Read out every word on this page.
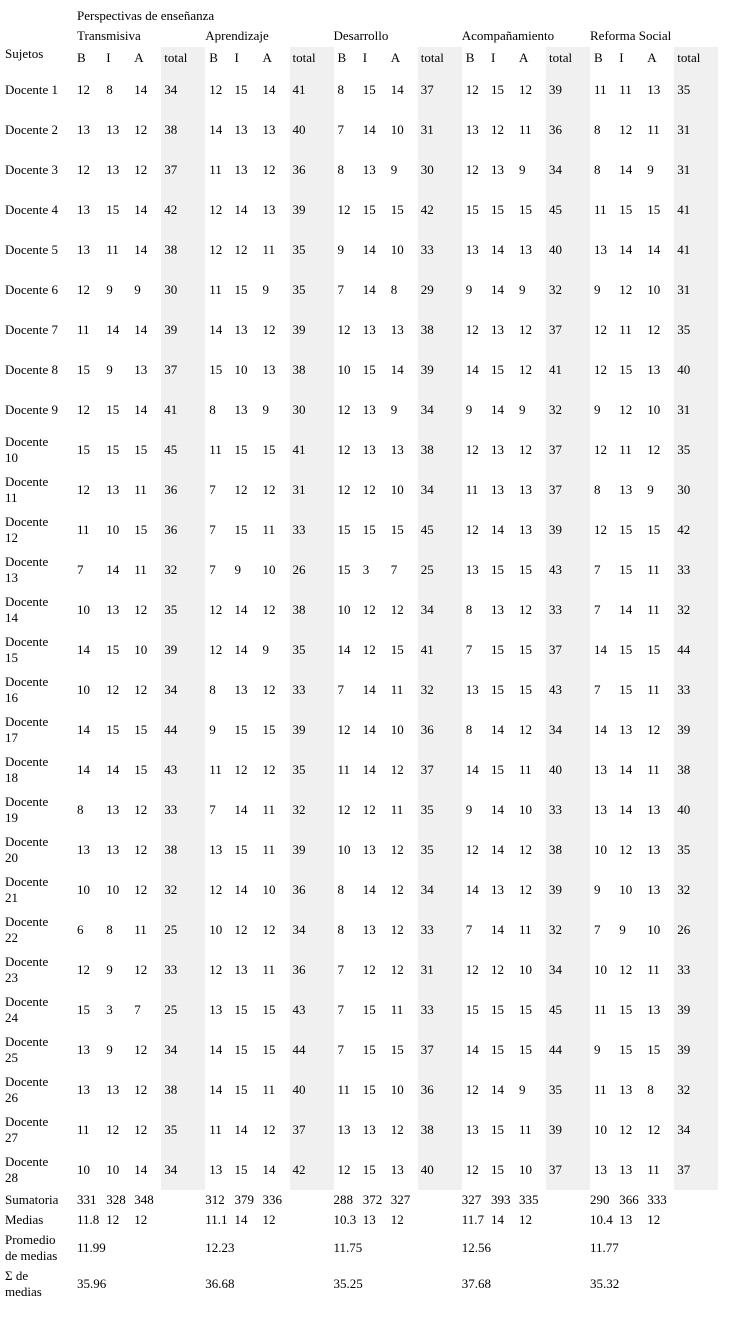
Sujetos	Perspectivas de enseñanza																			
	Transmisiva				Aprendizaje				Desarrollo				Acompañamiento				Reforma Social			
	B	I	A	total	B	I	A	total	B	I	A	total	B	I	A	total	B	I	A	total

Docente 1	12	8	14	34	12	15	14	41	8	15	14	37	12	15	12	39	11	11	13	35

Docente 2	13	13	12	38	14	13	13	40	7	14	10	31	13	12	11	36	8	12	11	31

Docente 3	12	13	12	37	11	13	12	36	8	13	9	30	12	13	9	34	8	14	9	31

Docente 4	13	15	14	42	12	14	13	39	12	15	15	42	15	15	15	45	11	15	15	41

Docente 5	13	11	14	38	12	12	11	35	9	14	10	33	13	14	13	40	13	14	14	41

Docente 6	12	9	9	30	11	15	9	35	7	14	8	29	9	14	9	32	9	12	10	31

Docente 7	11	14	14	39	14	13	12	39	12	13	13	38	12	13	12	37	12	11	12	35

Docente 8	15	9	13	37	15	10	13	38	10	15	14	39	14	15	12	41	12	15	13	40

Docente 9	12	15	14	41	8	13	9	30	12	13	9	34	9	14	9	32	9	12	10	31

Docente 10	15	15	15	45	11	15	15	41	12	13	13	38	12	13	12	37	12	11	12	35

Docente 11	12	13	11	36	7	12	12	31	12	12	10	34	11	13	13	37	8	13	9	30

Docente 12	11	10	15	36	7	15	11	33	15	15	15	45	12	14	13	39	12	15	15	42

Docente 13	7	14	11	32	7	9	10	26	15	3	7	25	13	15	15	43	7	15	11	33

Docente 14	10	13	12	35	12	14	12	38	10	12	12	34	8	13	12	33	7	14	11	32

Docente 15	14	15	10	39	12	14	9	35	14	12	15	41	7	15	15	37	14	15	15	44

Docente 16	10	12	12	34	8	13	12	33	7	14	11	32	13	15	15	43	7	15	11	33

Docente 17	14	15	15	44	9	15	15	39	12	14	10	36	8	14	12	34	14	13	12	39

Docente 18	14	14	15	43	11	12	12	35	11	14	12	37	14	15	11	40	13	14	11	38

Docente 19	8	13	12	33	7	14	11	32	12	12	11	35	9	14	10	33	13	14	13	40

Docente 20	13	13	12	38	13	15	11	39	10	13	12	35	12	14	12	38	10	12	13	35

Docente 21	10	10	12	32	12	14	10	36	8	14	12	34	14	13	12	39	9	10	13	32

Docente 22	6	8	11	25	10	12	12	34	8	13	12	33	7	14	11	32	7	9	10	26

Docente 23	12	9	12	33	12	13	11	36	7	12	12	31	12	12	10	34	10	12	11	33

Docente 24	15	3	7	25	13	15	15	43	7	15	11	33	15	15	15	45	11	15	13	39

Docente 25	13	9	12	34	14	15	15	44	7	15	15	37	14	15	15	44	9	15	15	39

Docente 26	13	13	12	38	14	15	11	40	11	15	10	36	12	14	9	35	11	13	8	32

Docente 27	11	12	12	35	11	14	12	37	13	13	12	38	13	15	11	39	10	12	12	34

Docente 28	10	10	14	34	13	15	14	42	12	15	13	40	12	15	10	37	13	13	11	37

Sumatoria	331	328	348		312	379	336		288	372	327		327	393	335		290	366	333	

Medias	11.8	12	12		11.1	14	12		10.3	13	12		11.7	14	12		10.4	13	12	

Promedio de medias	11.99				12.23				11.75				12.56				11.77			

Σ de medias	35.96				36.68				35.25				37.68				35.32			
